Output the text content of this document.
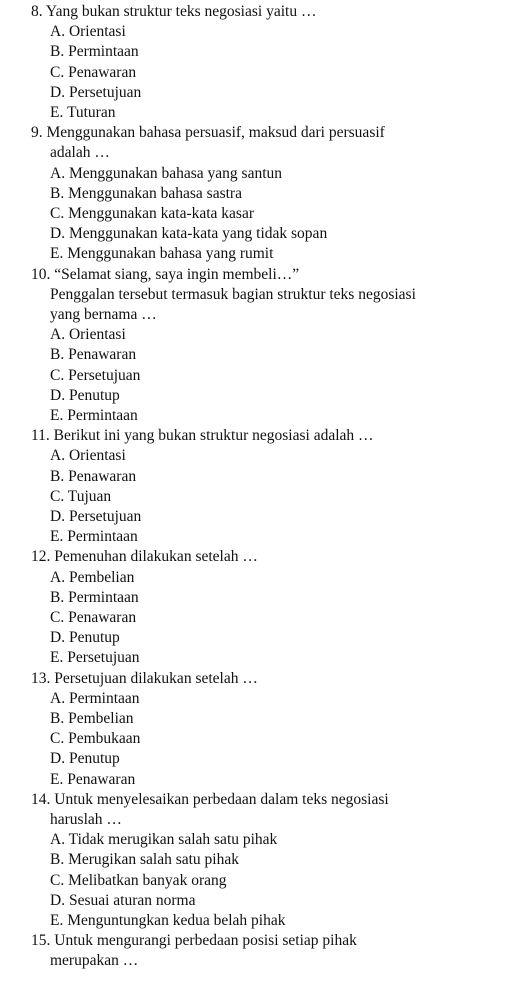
8. Yang bukan struktur teks negosiasi yaitu …
A. Orientasi
B. Permintaan
C. Penawaran
D. Persetujuan
E. Tuturan
9. Menggunakan bahasa persuasif, maksud dari persuasif
adalah …
A. Menggunakan bahasa yang santun
B. Menggunakan bahasa sastra
C. Menggunakan kata-kata kasar
D. Menggunakan kata-kata yang tidak sopan
E. Menggunakan bahasa yang rumit
10. “Selamat siang, saya ingin membeli…”
Penggalan tersebut termasuk bagian struktur teks negosiasi
yang bernama …
A. Orientasi
B. Penawaran
C. Persetujuan
D. Penutup
E. Permintaan
11. Berikut ini yang bukan struktur negosiasi adalah …
A. Orientasi
B. Penawaran
C. Tujuan
D. Persetujuan
E. Permintaan
12. Pemenuhan dilakukan setelah …
A. Pembelian
B. Permintaan
C. Penawaran
D. Penutup
E. Persetujuan
13. Persetujuan dilakukan setelah …
A. Permintaan
B. Pembelian
C. Pembukaan
D. Penutup
E. Penawaran
14. Untuk menyelesaikan perbedaan dalam teks negosiasi
haruslah …
A. Tidak merugikan salah satu pihak
B. Merugikan salah satu pihak
C. Melibatkan banyak orang
D. Sesuai aturan norma
E. Menguntungkan kedua belah pihak
15. Untuk mengurangi perbedaan posisi setiap pihak
merupakan …
